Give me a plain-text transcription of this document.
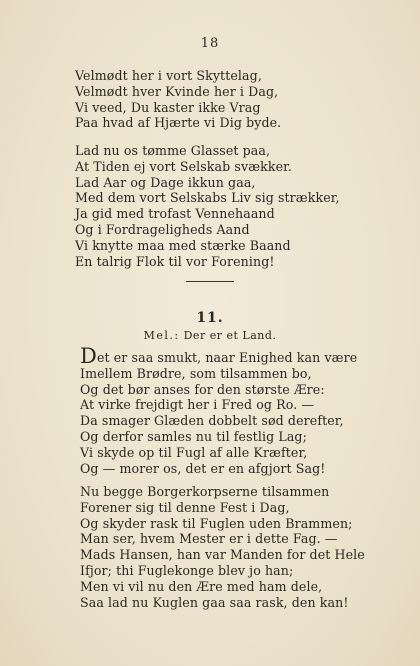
18
Velmødt her i vort Skyttelag,
Velmødt hver Kvinde her i Dag,
Vi veed, Du kaster ikke Vrag
Paa hvad af Hjærte vi Dig byde.
Lad nu os tømme Glasset paa,
At Tiden ej vort Selskab svækker.
Lad Aar og Dage ikkun gaa,
Med dem vort Selskabs Liv sig strækker,
Ja gid med trofast Vennehaand
Og i Fordrageligheds Aand
Vi knytte maa med stærke Baand
En talrig Flok til vor Forening!
11.
Mel.: Der er et Land.
Det er saa smukt, naar Enighed kan være
Imellem Brødre, som tilsammen bo,
Og det bør anses for den største Ære:
At virke frejdigt her i Fred og Ro. —
Da smager Glæden dobbelt sød derefter,
Og derfor samles nu til festlig Lag;
Vi skyde op til Fugl af alle Kræfter,
Og — morer os, det er en afgjort Sag!
Nu begge Borgerkorpserne tilsammen
Forener sig til denne Fest i Dag,
Og skyder rask til Fuglen uden Brammen;
Man ser, hvem Mester er i dette Fag. —
Mads Hansen, han var Manden for det Hele
Ifjor; thi Fuglekonge blev jo han;
Men vi vil nu den Ære med ham dele,
Saa lad nu Kuglen gaa saa rask, den kan!
